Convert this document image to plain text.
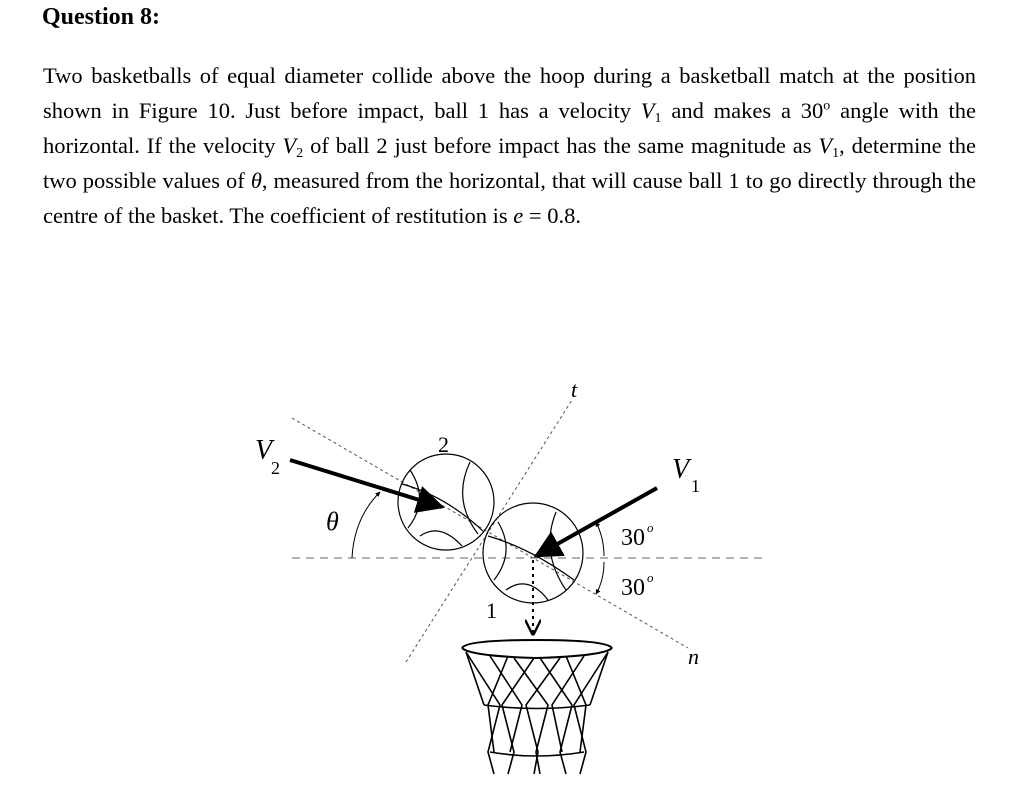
Question 8:
Two basketballs of equal diameter collide above the hoop during a basketball match at the position shown in Figure 10. Just before impact, ball 1 has a velocity $V_1$ and makes a 30$^o$ angle with the horizontal. If the velocity $V_2$ of ball 2 just before impact has the same magnitude as $V_1$, determine the two possible values of θ, measured from the horizontal, that will cause ball 1 to go directly through the centre of the basket. The coefficient of restitution is e = 0.8.
V
2	V
1
2
1
θ
t
n
30 o
30 o
